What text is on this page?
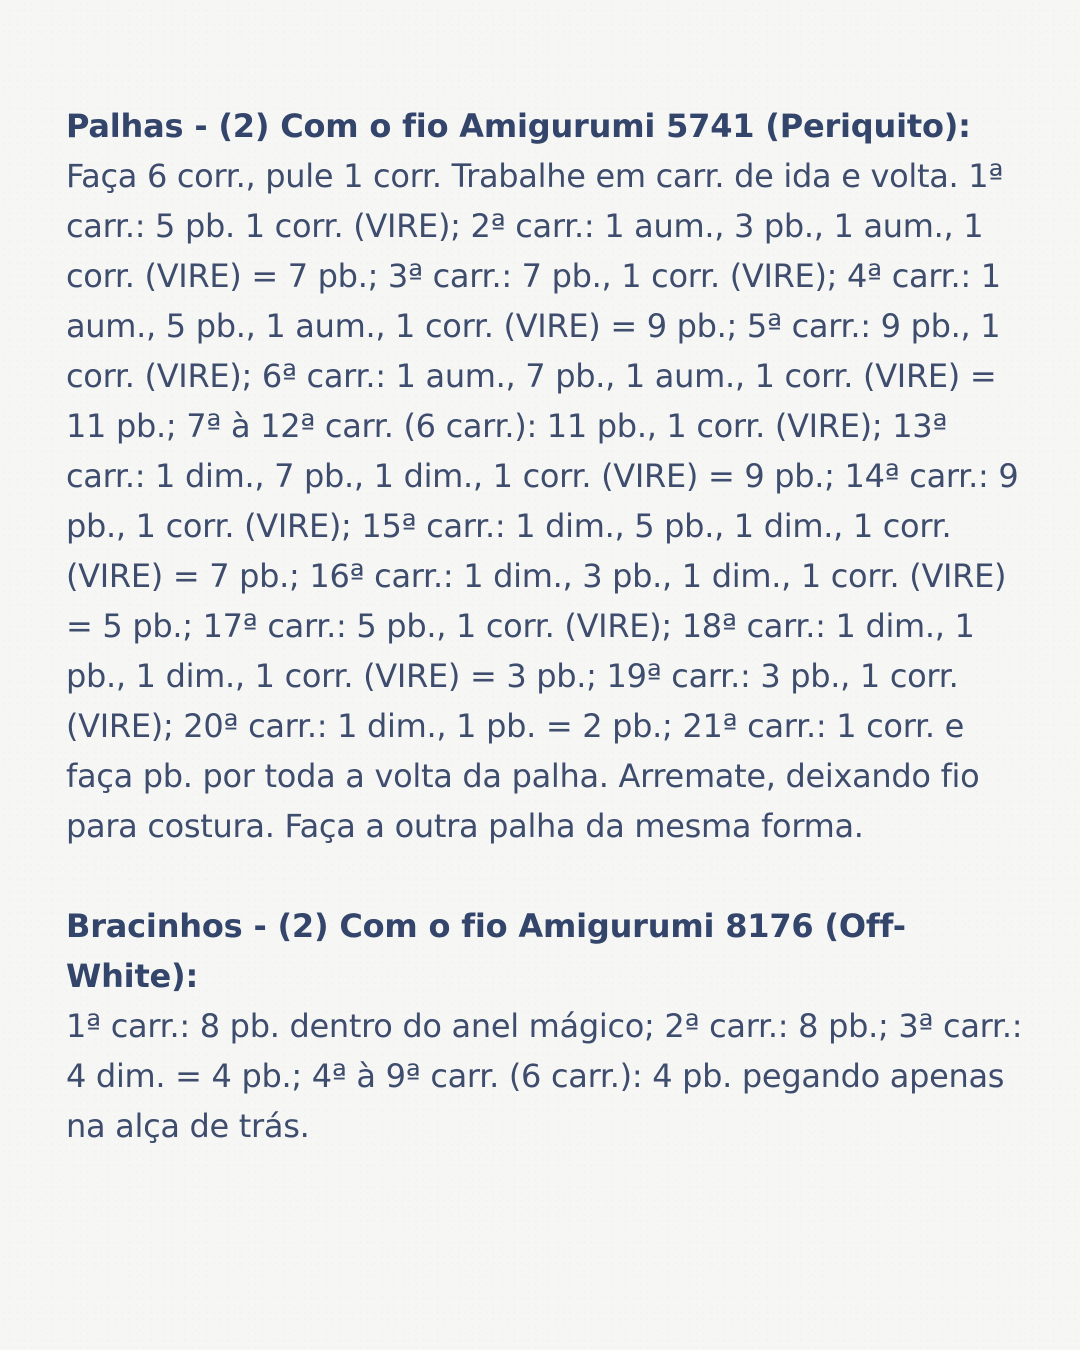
Palhas - (2) Com o fio Amigurumi 5741 (Periquito):

Faça 6 corr., pule 1 corr. Trabalhe em carr. de ida e volta. 1ª carr.: 5 pb. 1 corr. (VIRE); 2ª carr.: 1 aum., 3 pb., 1 aum., 1 corr. (VIRE) = 7 pb.; 3ª carr.: 7 pb., 1 corr. (VIRE); 4ª carr.: 1 aum., 5 pb., 1 aum., 1 corr. (VIRE) = 9 pb.; 5ª carr.: 9 pb., 1 corr. (VIRE); 6ª carr.: 1 aum., 7 pb., 1 aum., 1 corr. (VIRE) = 11 pb.; 7ª à 12ª carr. (6 carr.): 11 pb., 1 corr. (VIRE); 13ª carr.: 1 dim., 7 pb., 1 dim., 1 corr. (VIRE) = 9 pb.; 14ª carr.: 9 pb., 1 corr. (VIRE); 15ª carr.: 1 dim., 5 pb., 1 dim., 1 corr. (VIRE) = 7 pb.; 16ª carr.: 1 dim., 3 pb., 1 dim., 1 corr. (VIRE) = 5 pb.; 17ª carr.: 5 pb., 1 corr. (VIRE); 18ª carr.: 1 dim., 1 pb., 1 dim., 1 corr. (VIRE) = 3 pb.; 19ª carr.: 3 pb., 1 corr. (VIRE); 20ª carr.: 1 dim., 1 pb. = 2 pb.; 21ª carr.: 1 corr. e faça pb. por toda a volta da palha. Arremate, deixando fio para costura. Faça a outra palha da mesma forma.

Bracinhos - (2) Com o fio Amigurumi 8176 (Off-White):

1ª carr.: 8 pb. dentro do anel mágico; 2ª carr.: 8 pb.; 3ª carr.: 4 dim. = 4 pb.; 4ª à 9ª carr. (6 carr.): 4 pb. pegando apenas na alça de trás.
